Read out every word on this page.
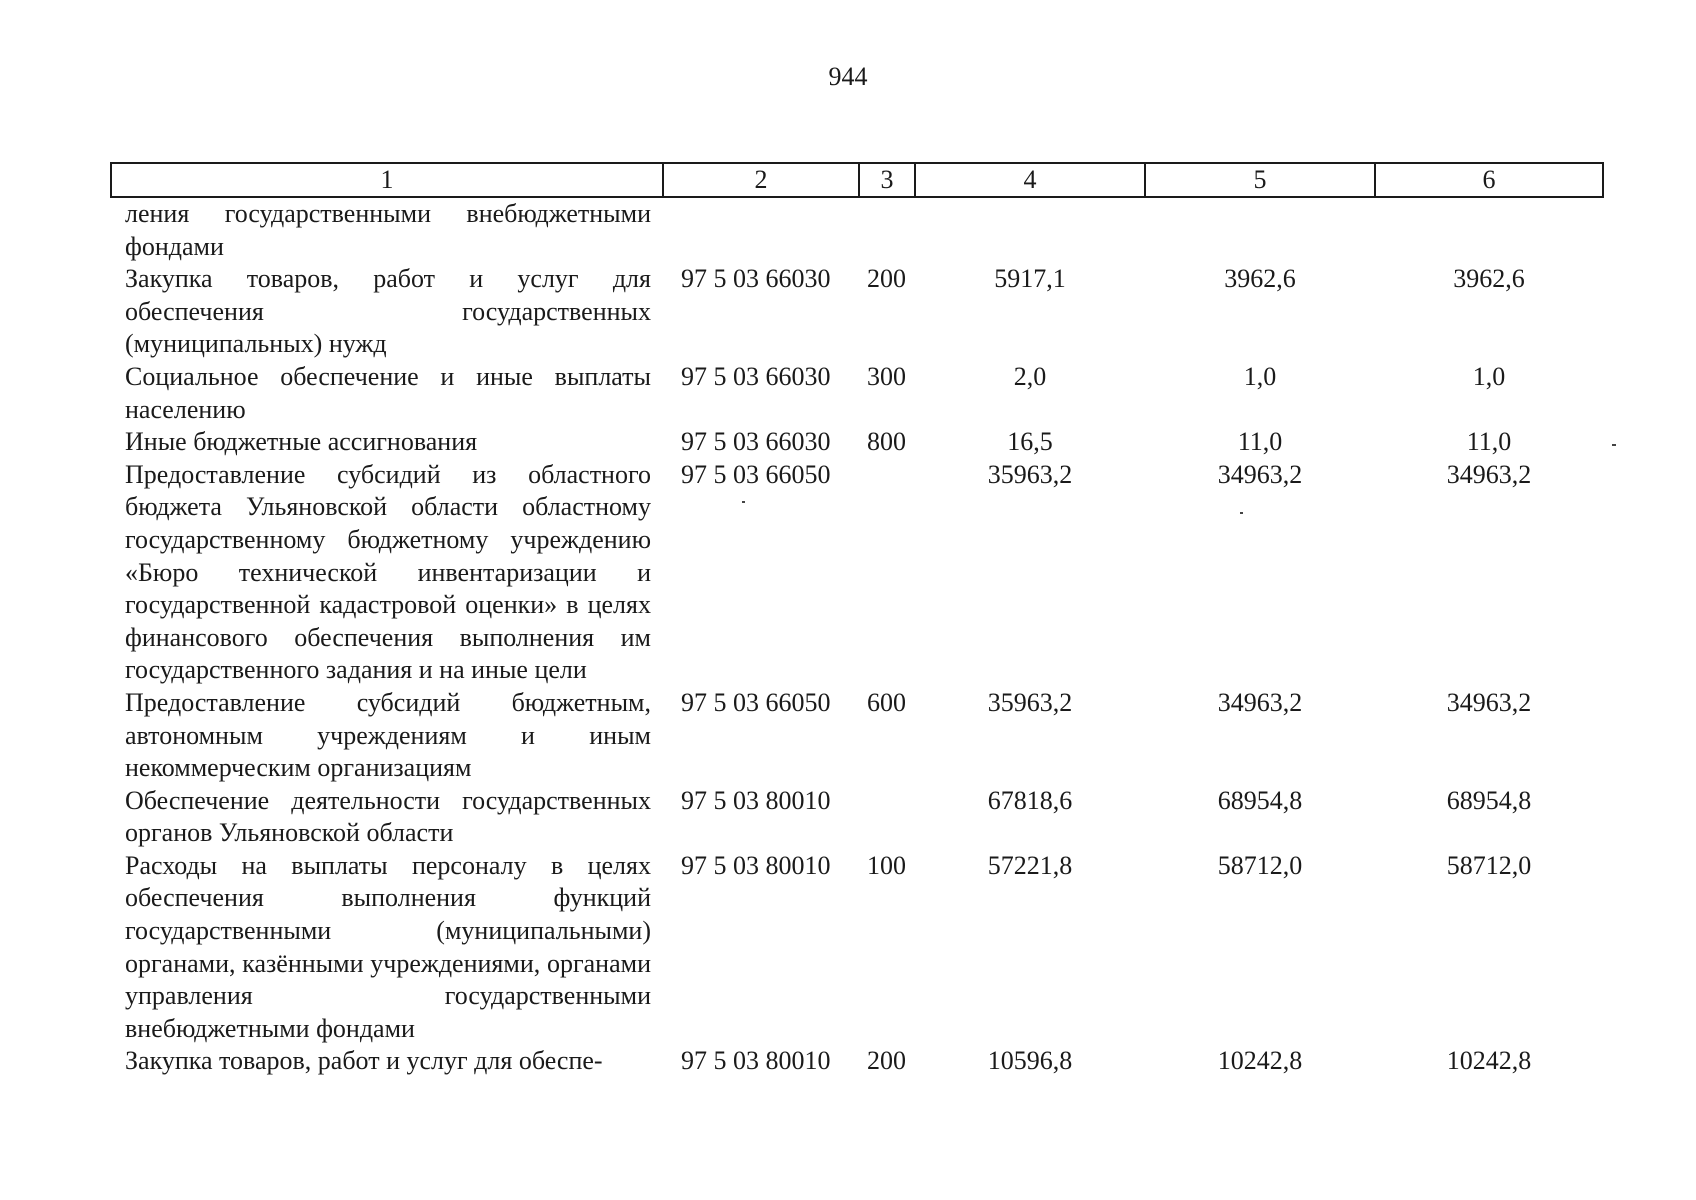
944
1	2	3	4	5	6
ления государственными внебюджетными фондами					
Закупка товаров, работ и услуг для обеспечения государственных (муниципальных) нужд	97 5 03 66030	200	5917,1	3962,6	3962,6
Социальное обеспечение и иные выплаты населению	97 5 03 66030	300	2,0	1,0	1,0
Иные бюджетные ассигнования	97 5 03 66030	800	16,5	11,0	11,0
Предоставление субсидий из областного бюджета Ульяновской области областному государственному бюджетному учреждению «Бюро технической инвентаризации и государственной кадастровой оценки» в целях финансового обеспечения выполнения им государственного задания и на иные цели	97 5 03 66050		35963,2	34963,2	34963,2
Предоставление субсидий бюджетным, автономным учреждениям и иным некоммерческим организациям	97 5 03 66050	600	35963,2	34963,2	34963,2
Обеспечение деятельности государственных органов Ульяновской области	97 5 03 80010		67818,6	68954,8	68954,8
Расходы на выплаты персоналу в целях обеспечения выполнения функций государственными (муниципальными) органами, казёнными учреждениями, органами управления государственными внебюджетными фондами	97 5 03 80010	100	57221,8	58712,0	58712,0
Закупка товаров, работ и услуг для обеспе-	97 5 03 80010	200	10596,8	10242,8	10242,8
